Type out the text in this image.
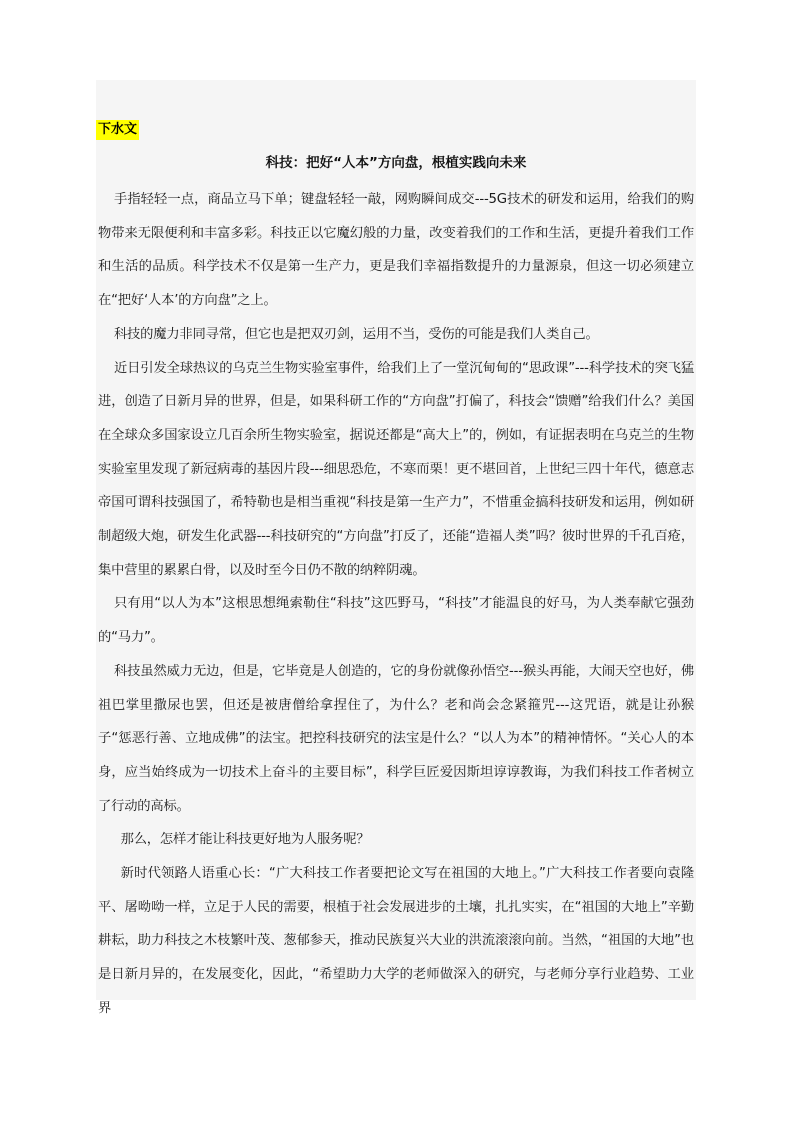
下水文
科技：把好“人本”方向盘，根植实践向未来

手指轻轻一点，商品立马下单；键盘轻轻一敲，网购瞬间成交---5G技术的研发和运用，给我们的购物带来无限便利和丰富多彩。科技正以它魔幻般的力量，改变着我们的工作和生活，更提升着我们工作和生活的品质。科学技术不仅是第一生产力，更是我们幸福指数提升的力量源泉，但这一切必须建立在“把好‘人本’的方向盘”之上。

科技的魔力非同寻常，但它也是把双刃剑，运用不当，受伤的可能是我们人类自己。

近日引发全球热议的乌克兰生物实验室事件，给我们上了一堂沉甸甸的“思政课”---科学技术的突飞猛进，创造了日新月异的世界，但是，如果科研工作的“方向盘”打偏了，科技会“馈赠”给我们什么？美国在全球众多国家设立几百余所生物实验室，据说还都是“高大上”的，例如，有证据表明在乌克兰的生物实验室里发现了新冠病毒的基因片段---细思恐危，不寒而栗！更不堪回首，上世纪三四十年代，德意志帝国可谓科技强国了，希特勒也是相当重视“科技是第一生产力”，不惜重金搞科技研发和运用，例如研制超级大炮，研发生化武器---科技研究的“方向盘”打反了，还能“造福人类”吗？彼时世界的千孔百疮，集中营里的累累白骨，以及时至今日仍不散的纳粹阴魂。

只有用“以人为本”这根思想绳索勒住“科技”这匹野马，“科技”才能温良的好马，为人类奉献它强劲的“马力”。

科技虽然威力无边，但是，它毕竟是人创造的，它的身份就像孙悟空---猴头再能，大闹天空也好，佛祖巴掌里撒尿也罢，但还是被唐僧给拿捏住了，为什么？老和尚会念紧箍咒---这咒语，就是让孙猴子“惩恶行善、立地成佛”的法宝。把控科技研究的法宝是什么？“以人为本”的精神情怀。“关心人的本身，应当始终成为一切技术上奋斗的主要目标”，科学巨匠爱因斯坦谆谆教诲，为我们科技工作者树立了行动的高标。

那么，怎样才能让科技更好地为人服务呢？

新时代领路人语重心长：“广大科技工作者要把论文写在祖国的大地上。”广大科技工作者要向袁隆平、屠呦呦一样，立足于人民的需要，根植于社会发展进步的土壤，扎扎实实，在“祖国的大地上”辛勤耕耘，助力科技之木枝繁叶茂、葱郁参天，推动民族复兴大业的洪流滚滚向前。当然，“祖国的大地”也是日新月异的，在发展变化，因此，“希望助力大学的老师做深入的研究，与老师分享行业趋势、工业界
